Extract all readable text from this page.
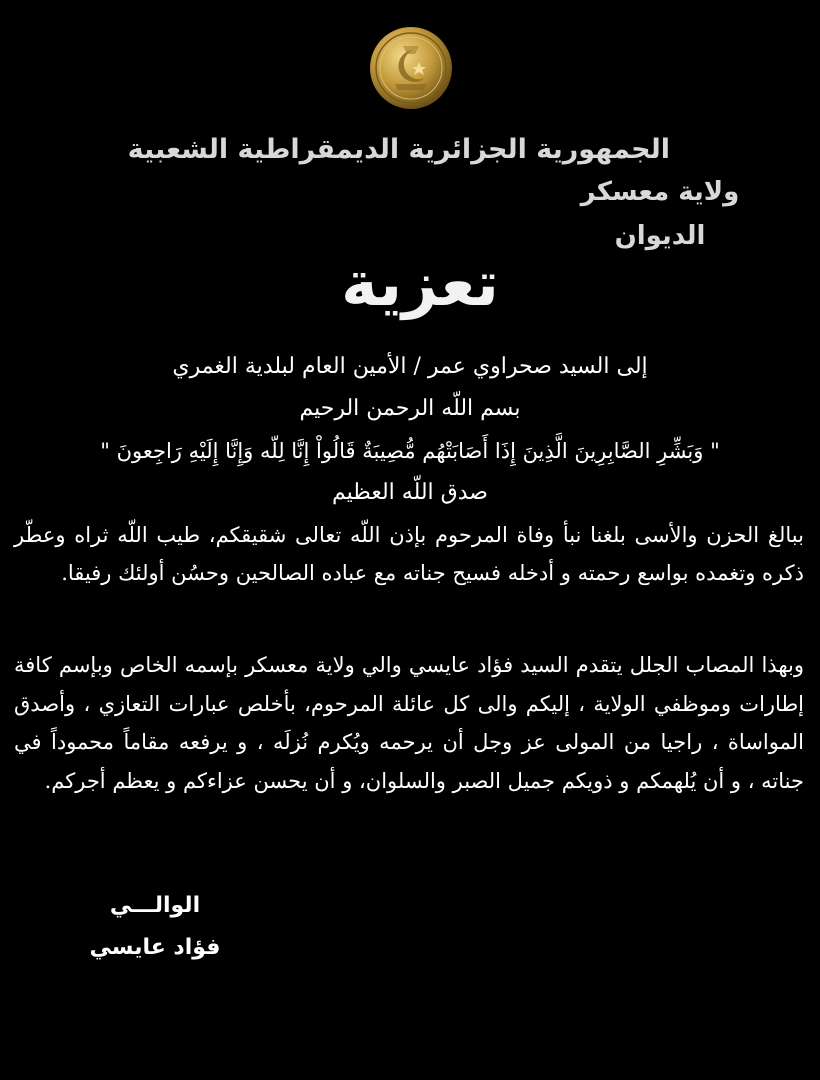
الجمهورية الجزائرية الديمقراطية الشعبية
ولاية معسكر
الديوان
تعزية
إلى السيد صحراوي عمر / الأمين العام لبلدية الغمري
بسم اللّه الرحمن الرحيم
" وَبَشِّرِ الصَّابِرِينَ الَّذِينَ إِذَا أَصَابَتْهُم مُّصِيبَةٌ قَالُواْ إِنَّا لِلّه وَإِنَّا إِلَيْهِ رَاجِعونَ "
صدق اللّه العظيم
ببالغ الحزن والأسى بلغنا نبأ وفاة المرحوم بإذن اللّه تعالى شقيقكم، طيب اللّه ثراه وعطّر ذكره وتغمده بواسع رحمته و أدخله فسيح جناته مع عباده الصالحين وحسُن أولئك رفيقا.
وبهذا المصاب الجلل يتقدم السيد فؤاد عايسي والي ولاية معسكر بإسمه الخاص وبإسم كافة إطارات وموظفي الولاية ، إليكم والى كل عائلة المرحوم، بأخلص عبارات التعازي ، وأصدق المواساة ، راجيا من المولى عز وجل أن يرحمه ويُكرم نُزلَه ، و يرفعه مقاماً محموداً في جناته ، و أن يُلهمكم و ذويكم جميل الصبر والسلوان، و أن يحسن عزاءكم و يعظم أجركم.
الوالـــي
فؤاد عايسي
